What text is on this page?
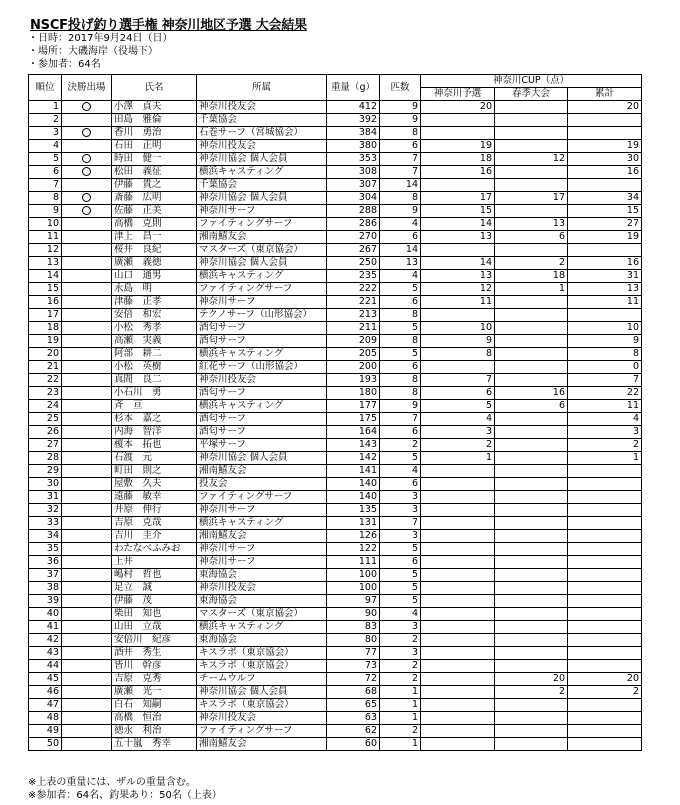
NSCF投げ釣り選手権 神奈川地区予選 大会結果
・日時：2017年9月24日（日）
・場所：大磯海岸（役場下）
・参加者：64名
順位	決勝出場	氏名	所属	重量（g）	匹数	神奈川CUP（点）		
						神奈川予選	春季大会	累計
1		小澤　貞夫	神奈川投友会	412	9	20		20
2		田島　雅倫	千葉協会	392	9			
3		香川　勇治	石巻サーフ（宮城協会）	384	8			
4		石田　正明	神奈川投友会	380	6	19		19
5		時田　健一	神奈川協会 個人会員	353	7	18	12	30
6		松田　義征	横浜キャスティング	308	7	16		16
7		伊藤　貴之	千葉協会	307	14			
8		斎藤　広明	神奈川協会 個人会員	304	8	17	17	34
9		佐藤　正美	神奈川サーフ	288	9	15		15
10		高橋　克則	ファイティングサーフ	286	4	14	13	27
11		津上　昌一	湘南鱚友会	270	6	13	6	19
12		桜井　良紀	マスターズ（東京協会）	267	14			
13		廣瀬　義徳	神奈川協会 個人会員	250	13	14	2	16
14		山口　通男	横浜キャスティング	235	4	13	18	31
15		永島　明	ファイティングサーフ	222	5	12	1	13
16		津藤　正孝	神奈川サーフ	221	6	11		11
17		安倍　和宏	テクノサーフ（山形協会）	213	8			
18		小松　秀孝	酒匂サーフ	211	5	10		10
19		高瀬　実義	酒匂サーフ	209	8	9		9
20		阿部　耕二	横浜キャスティング	205	5	8		8
21		小松　英樹	紅花サーフ（山形協会）	200	6			0
22		真間　良二	神奈川投友会	193	8	7		7
23		小石川　勇	酒匂サーフ	180	8	6	16	22
24		斉　亘	横浜キャスティング	177	9	5	6	11
25		杉本　嘉之	酒匂サーフ	175	7	4		4
26		内海　智洋	酒匂サーフ	164	6	3		3
27		榎本　拓也	平塚サーフ	143	2	2		2
28		石渡　元	神奈川協会 個人会員	142	5	1		1
29		町田　則之	湘南鱚友会	141	4			
30		屋敷　久夫	投友会	140	6			
31		遠藤　敏幸	ファイティングサーフ	140	3			
32		井原　伸行	神奈川サーフ	135	3			
33		吉原　克哉	横浜キャスティング	131	7			
34		吉川　圭介	湘南鱚友会	126	3			
35		わたなべふみお	神奈川サーフ	122	5			
36		上井	神奈川サーフ	111	6			
37		嶋村　哲也	東海協会	100	5			
38		足立　誠	神奈川投友会	100	5			
39		伊藤　茂	東海協会	97	5			
40		柴田　知也	マスターズ（東京協会）	90	4			
41		山田　立哉	横浜キャスティング	83	3			
42		安倍川　紀彦	東海協会	80	2			
43		酒井　秀生	キスラボ（東京協会）	77	3			
44		皆川　幹彦	キスラボ（東京協会）	73	2			
45		吉原　克秀	チームウルフ	72	2		20	20
46		廣瀬　光一	神奈川協会 個人会員	68	1		2	2
47		白石　知嗣	キスラボ（東京協会）	65	1			
48		高橋　恒治	神奈川投友会	63	1			
49		徳永　利治	ファイティングサーフ	62	2			
50		五十嵐　秀幸	湘南鱚友会	60	1			
※上表の重量には、ザルの重量含む。
※参加者：64名、釣果あり：50名（上表）
